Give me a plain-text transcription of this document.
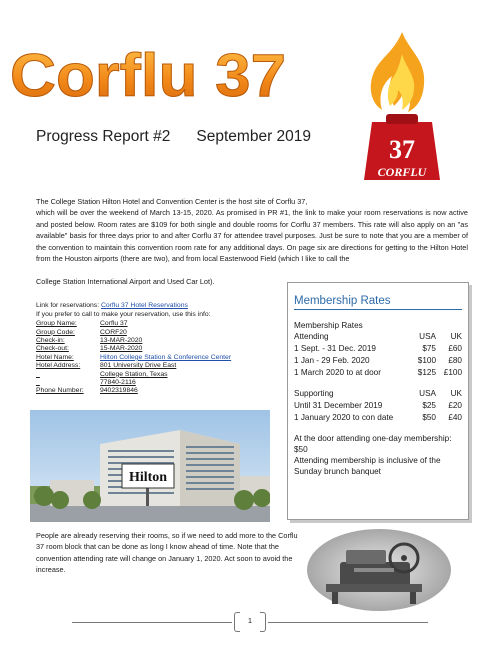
Corflu 37
37
CORFLU
Progress Report #2 September 2019
The College Station Hilton Hotel and Convention Center is the host site of Corflu 37,
which will be over the weekend of March 13-15, 2020. As promised in PR #1, the link to make your room reservations is now active and posted below. Room rates are $109 for both single and double rooms for Corflu 37 members. This rate will also apply on an "as available" basis for three days prior to and after Corflu 37 for attendee travel purposes. Just be sure to note that you are a member of the convention to maintain this convention room rate for any additional days. On page six are directions for getting to the Hilton Hotel from the Houston airports (there are two), and from local Easterwood Field (which I like to call the
College Station International Airport and Used Car Lot).
Link for reservations: Corflu 37 Hotel Reservations
If you prefer to call to make your reservation, use this info:
Group Name:	Corflu 37
Group Code:	CORF20
Check-in:	13-MAR-2020
Check-out:	15-MAR-2020
Hotel Name:	Hilton College Station & Conference Center
Hotel Address:	801 University Drive East
_	College Station, Texas
_	77840-2116
Phone Number:	9402319846
Hilton
Membership Rates
Membership Rates
Attending	USA	UK
1 Sept. - 31 Dec. 2019	$75	£60
1 Jan - 29 Feb. 2020	$100	£80
1 March 2020 to at door	$125 £100
Supporting	USA	UK
Until 31 December 2019	$25	£20
1 January 2020 to con date	$50	£40
At the door attending one-day membership: $50
Attending membership is inclusive of the Sunday brunch banquet
People are already reserving their rooms, so if we need to add more to the Corflu 37 room block that can be done as long I know ahead of time. Note that the convention attending rate will change on January 1, 2020. Act soon to avoid the increase.
1
